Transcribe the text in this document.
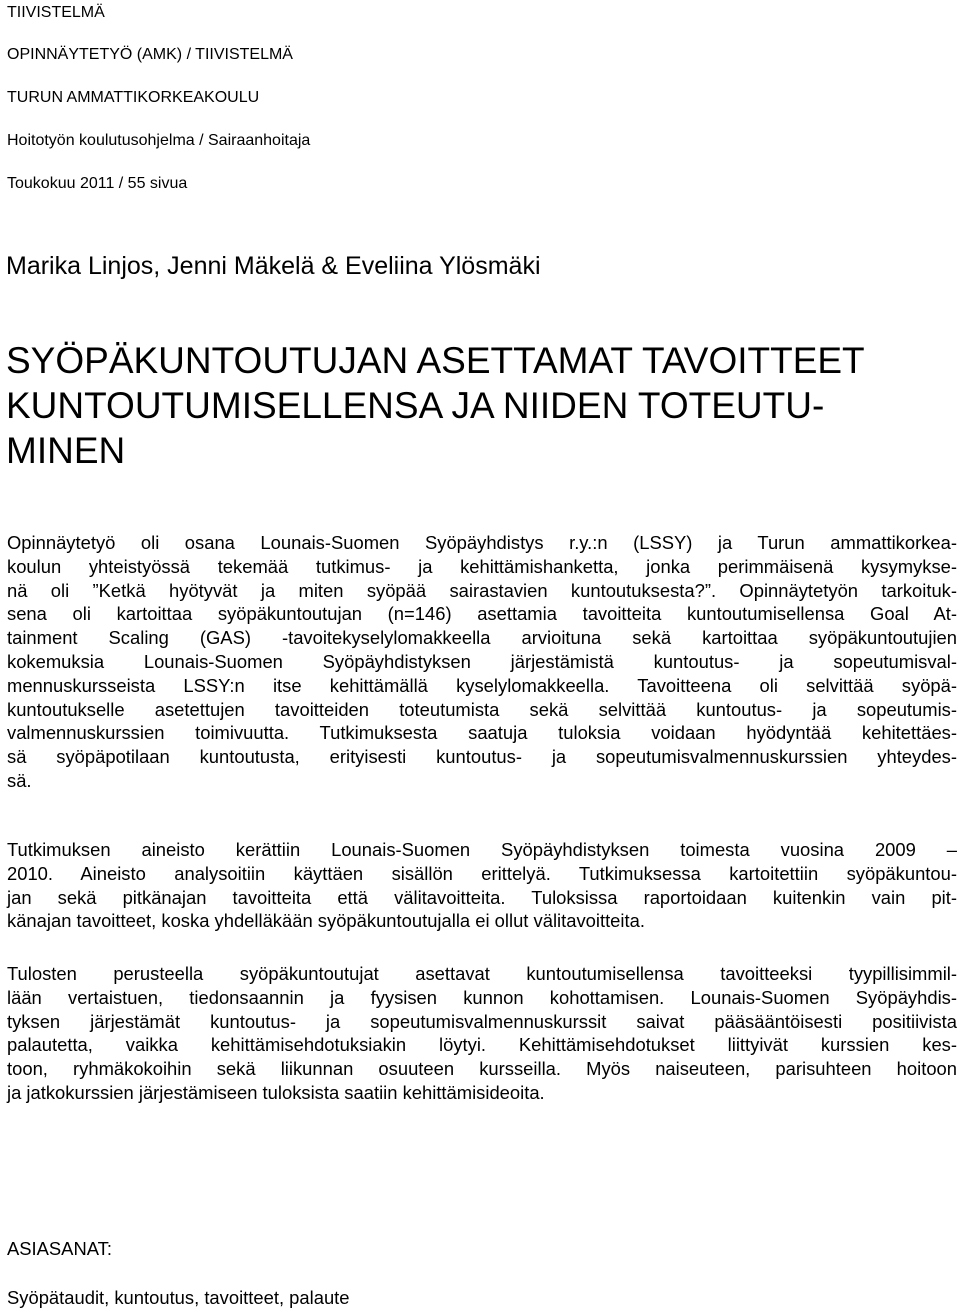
TIIVISTELMÄ
OPINNÄYTETYÖ (AMK) / TIIVISTELMÄ
TURUN AMMATTIKORKEAKOULU
Hoitotyön koulutusohjelma / Sairaanhoitaja
Toukokuu 2011 / 55 sivua
Marika Linjos, Jenni Mäkelä & Eveliina Ylösmäki
SYÖPÄKUNTOUTUJAN ASETTAMAT TAVOITTEET
KUNTOUTUMISELLENSA JA NIIDEN TOTEUTU-
MINEN
Opinnäytetyö oli osana Lounais-Suomen Syöpäyhdistys r.y.:n (LSSY) ja Turun ammattikorkea-
koulun yhteistyössä tekemää tutkimus- ja kehittämishanketta, jonka perimmäisenä kysymykse-
nä oli ”Ketkä hyötyvät ja miten syöpää sairastavien kuntoutuksesta?”. Opinnäytetyön tarkoituk-
sena oli kartoittaa syöpäkuntoutujan (n=146) asettamia tavoitteita kuntoutumisellensa Goal At-
tainment Scaling (GAS) -tavoitekyselylomakkeella arvioituna sekä kartoittaa syöpäkuntoutujien
kokemuksia Lounais-Suomen Syöpäyhdistyksen järjestämistä kuntoutus- ja sopeutumisval-
mennuskursseista LSSY:n itse kehittämällä kyselylomakkeella. Tavoitteena oli selvittää syöpä-
kuntoutukselle asetettujen tavoitteiden toteutumista sekä selvittää kuntoutus- ja sopeutumis-
valmennuskurssien toimivuutta. Tutkimuksesta saatuja tuloksia voidaan hyödyntää kehitettäes-
sä syöpäpotilaan kuntoutusta, erityisesti kuntoutus- ja sopeutumisvalmennuskurssien yhteydes-
sä.
Tutkimuksen aineisto kerättiin Lounais-Suomen Syöpäyhdistyksen toimesta vuosina 2009 –
2010. Aineisto analysoitiin käyttäen sisällön erittelyä. Tutkimuksessa kartoitettiin syöpäkuntou-
jan sekä pitkänajan tavoitteita että välitavoitteita. Tuloksissa raportoidaan kuitenkin vain pit-
känajan tavoitteet, koska yhdelläkään syöpäkuntoutujalla ei ollut välitavoitteita.
Tulosten perusteella syöpäkuntoutujat asettavat kuntoutumisellensa tavoitteeksi tyypillisimmil-
lään vertaistuen, tiedonsaannin ja fyysisen kunnon kohottamisen. Lounais-Suomen Syöpäyhdis-
tyksen järjestämät kuntoutus- ja sopeutumisvalmennuskurssit saivat pääsääntöisesti positiivista
palautetta, vaikka kehittämisehdotuksiakin löytyi. Kehittämisehdotukset liittyivät kurssien kes-
toon, ryhmäkokoihin sekä liikunnan osuuteen kursseilla. Myös naiseuteen, parisuhteen hoitoon
ja jatkokurssien järjestämiseen tuloksista saatiin kehittämisideoita.
ASIASANAT:
Syöpätaudit, kuntoutus, tavoitteet, palaute
